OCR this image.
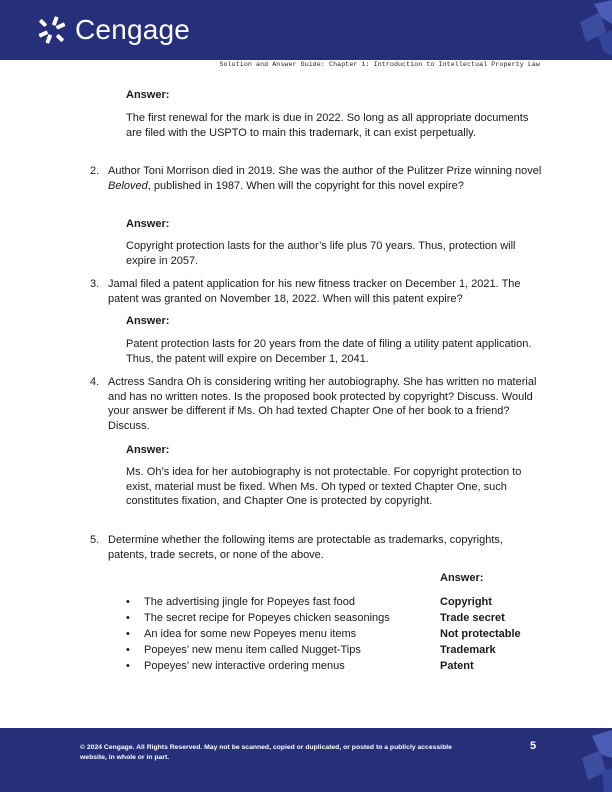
Cengage
Solution and Answer Guide: Chapter 1: Introduction to Intellectual Property Law
Answer:

The first renewal for the mark is due in 2022. So long as all appropriate documents are filed with the USPTO to main this trademark, it can exist perpetually.

2. Author Toni Morrison died in 2019. She was the author of the Pulitzer Prize winning novel Beloved, published in 1987. When will the copyright for this novel expire?

Answer:

Copyright protection lasts for the author’s life plus 70 years. Thus, protection will expire in 2057.

3. Jamal filed a patent application for his new fitness tracker on December 1, 2021. The patent was granted on November 18, 2022. When will this patent expire?

Answer:

Patent protection lasts for 20 years from the date of filing a utility patent application. Thus, the patent will expire on December 1, 2041.

4. Actress Sandra Oh is considering writing her autobiography. She has written no material and has no written notes. Is the proposed book protected by copyright? Discuss. Would your answer be different if Ms. Oh had texted Chapter One of her book to a friend? Discuss.

Answer:

Ms. Oh’s idea for her autobiography is not protectable. For copyright protection to exist, material must be fixed. When Ms. Oh typed or texted Chapter One, such constitutes fixation, and Chapter One is protected by copyright.

5. Determine whether the following items are protectable as trademarks, copyrights, patents, trade secrets, or none of the above.

Answer:
• The advertising jingle for Popeyes fast food	Copyright
• The secret recipe for Popeyes chicken seasonings	Trade secret
• An idea for some new Popeyes menu items	Not protectable
• Popeyes’ new menu item called Nugget-Tips	Trademark
• Popeyes’ new interactive ordering menus	Patent
© 2024 Cengage. All Rights Reserved. May not be scanned, copied or duplicated, or posted to a publicly accessible website, in whole or in part.
5
